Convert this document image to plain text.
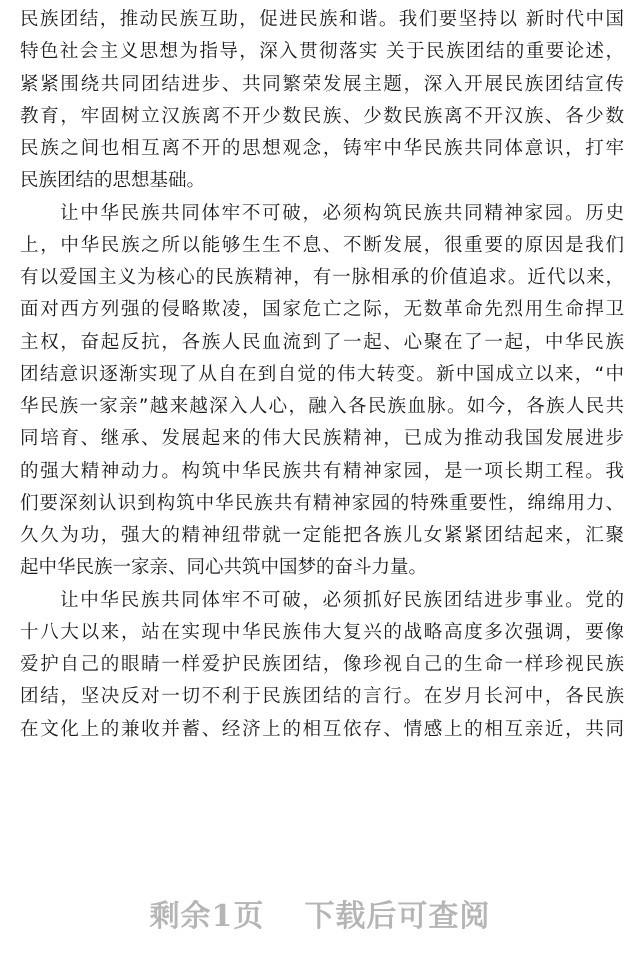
民族团结，推动民族互助，促进民族和谐。我们要坚持以 新时代中国
特色社会主义思想为指导，深入贯彻落实 关于民族团结的重要论述，
紧紧围绕共同团结进步、共同繁荣发展主题，深入开展民族团结宣传
教育，牢固树立汉族离不开少数民族、少数民族离不开汉族、各少数
民族之间也相互离不开的思想观念，铸牢中华民族共同体意识，打牢
民族团结的思想基础。
让中华民族共同体牢不可破，必须构筑民族共同精神家园。历史
上，中华民族之所以能够生生不息、不断发展，很重要的原因是我们
有以爱国主义为核心的民族精神，有一脉相承的价值追求。近代以来，
面对西方列强的侵略欺凌，国家危亡之际，无数革命先烈用生命捍卫
主权，奋起反抗，各族人民血流到了一起、心聚在了一起，中华民族
团结意识逐渐实现了从自在到自觉的伟大转变。新中国成立以来，“中
华民族一家亲”越来越深入人心，融入各民族血脉。如今，各族人民共
同培育、继承、发展起来的伟大民族精神，已成为推动我国发展进步
的强大精神动力。构筑中华民族共有精神家园，是一项长期工程。我
们要深刻认识到构筑中华民族共有精神家园的特殊重要性，绵绵用力、
久久为功，强大的精神纽带就一定能把各族儿女紧紧团结起来，汇聚
起中华民族一家亲、同心共筑中国梦的奋斗力量。
让中华民族共同体牢不可破，必须抓好民族团结进步事业。党的
十八大以来，站在实现中华民族伟大复兴的战略高度多次强调，要像
爱护自己的眼睛一样爱护民族团结，像珍视自己的生命一样珍视民族
团结，坚决反对一切不利于民族团结的言行。在岁月长河中，各民族
在文化上的兼收并蓄、经济上的相互依存、情感上的相互亲近，共同
剩余1页 下载后可查阅
